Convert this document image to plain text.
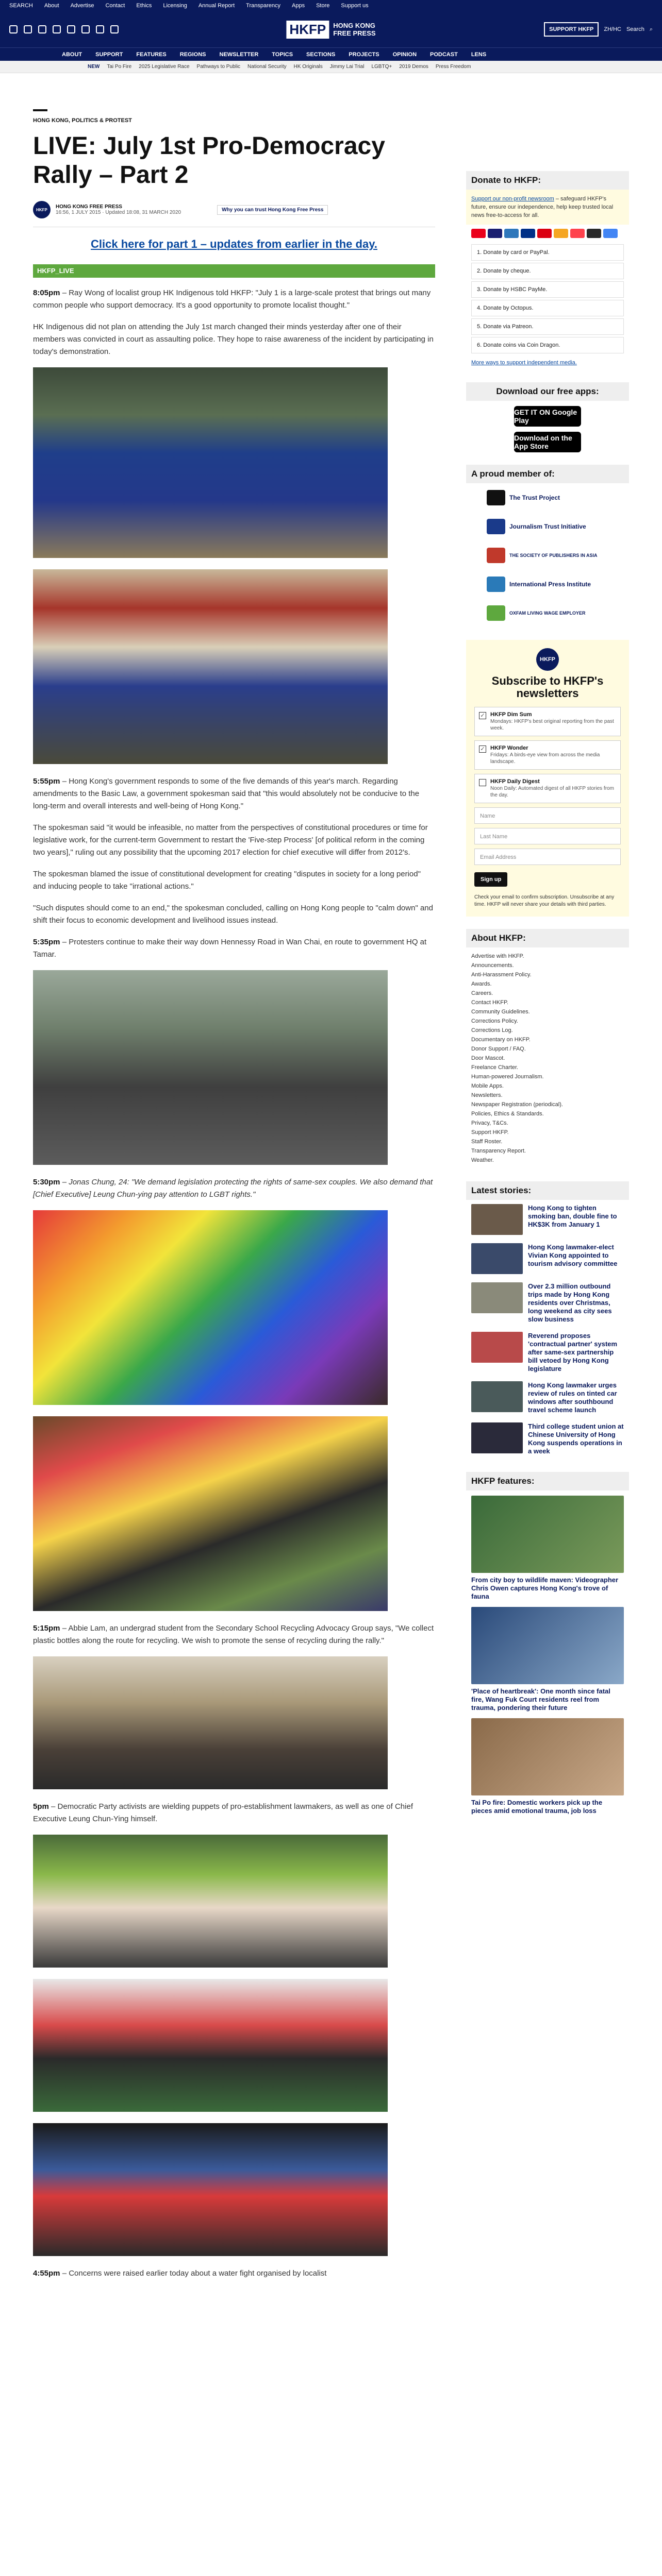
SEARCH About Advertise Contact Ethics Licensing Annual Report Transparency Apps Store Support us
HKFP	HONG KONG
FREE PRESS	SUPPORT HKFP	ZH/HC Search ⌕
ABOUT SUPPORT FEATURES REGIONS NEWSLETTER TOPICS SECTIONS PROJECTS OPINION PODCAST LENS
NEW Tai Po Fire 2025 Legislative Race Pathways to Public National Security HK Originals Jimmy Lai Trial LGBTQ+ 2019 Demos Press Freedom
HONG KONG, POLITICS & PROTEST
LIVE: July 1st Pro-Democracy Rally – Part 2
HKFP	HONG KONG FREE PRESS
16:56, 1 JULY 2015 · Updated 18:08, 31 MARCH 2020	Why you can trust Hong Kong Free Press
Click here for part 1 – updates from earlier in the day.
HKFP_LIVE

8:05pm – Ray Wong of localist group HK Indigenous told HKFP: "July 1 is a large-scale protest that brings out many common people who support democracy. It's a good opportunity to promote localist thought."

HK Indigenous did not plan on attending the July 1st march changed their minds yesterday after one of their members was convicted in court as assaulting police. They hope to raise awareness of the incident by participating in today's demonstration.

5:55pm – Hong Kong's government responds to some of the five demands of this year's march. Regarding amendments to the Basic Law, a government spokesman said that "this would absolutely not be conducive to the long-term and overall interests and well-being of Hong Kong."

The spokesman said "it would be infeasible, no matter from the perspectives of constitutional procedures or time for legislative work, for the current-term Government to restart the 'Five-step Process' [of political reform in the coming two years]," ruling out any possibility that the upcoming 2017 election for chief executive will differ from 2012's.

The spokesman blamed the issue of constitutional development for creating "disputes in society for a long period" and inducing people to take "irrational actions."

"Such disputes should come to an end," the spokesman concluded, calling on Hong Kong people to "calm down" and shift their focus to economic development and livelihood issues instead.

5:35pm – Protesters continue to make their way down Hennessy Road in Wan Chai, en route to government HQ at Tamar.

5:30pm – Jonas Chung, 24: "We demand legislation protecting the rights of same-sex couples. We also demand that [Chief Executive] Leung Chun-ying pay attention to LGBT rights."

5:15pm – Abbie Lam, an undergrad student from the Secondary School Recycling Advocacy Group says, "We collect plastic bottles along the route for recycling. We wish to promote the sense of recycling during the rally."

5pm – Democratic Party activists are wielding puppets of pro-establishment lawmakers, as well as one of Chief Executive Leung Chun-Ying himself.

4:55pm – Concerns were raised earlier today about a water fight organised by localist

Donate to HKFP:
Support our non-profit newsroom – safeguard HKFP's future, ensure our independence, help keep trusted local news free-to-access for all.
1. Donate by card or PayPal.
2. Donate by cheque.
3. Donate by HSBC PayMe.
4. Donate by Octopus.
5. Donate via Patreon.
6. Donate coins via Coin Dragon.
More ways to support independent media.
Download our free apps:
GET IT ON Google Play
Download on the App Store
A proud member of:
The Trust Project
Journalism Trust Initiative
THE SOCIETY OF PUBLISHERS IN ASIA
International Press Institute
OXFAM LIVING WAGE EMPLOYER
HKFP
Subscribe to HKFP's newsletters
✓ HKFP Dim Sum
Mondays: HKFP's best original reporting from the past week.
✓ HKFP Wonder
Fridays: A birds-eye view from across the media landscape.
HKFP Daily Digest
Noon Daily: Automated digest of all HKFP stories from the day.
Name
Last Name
Email Address
Sign up
Check your email to confirm subscription. Unsubscribe at any time. HKFP will never share your details with third parties.
About HKFP:
Advertise with HKFP.
Announcements.
Anti-Harassment Policy.
Awards.
Careers.
Contact HKFP.
Community Guidelines.
Corrections Policy.
Corrections Log.
Documentary on HKFP.
Donor Support / FAQ.
Door Mascot.
Freelance Charter.
Human-powered Journalism.
Mobile Apps.
Newsletters.
Newspaper Registration (periodical).
Policies, Ethics & Standards.
Privacy, T&Cs.
Support HKFP.
Staff Roster.
Transparency Report.
Weather.
Latest stories:
Hong Kong to tighten smoking ban, double fine to HK$3K from January 1
Hong Kong lawmaker-elect Vivian Kong appointed to tourism advisory committee
Over 2.3 million outbound trips made by Hong Kong residents over Christmas, long weekend as city sees slow business
Reverend proposes 'contractual partner' system after same-sex partnership bill vetoed by Hong Kong legislature
Hong Kong lawmaker urges review of rules on tinted car windows after southbound travel scheme launch
Third college student union at Chinese University of Hong Kong suspends operations in a week
HKFP features:
From city boy to wildlife maven: Videographer Chris Owen captures Hong Kong's trove of fauna
'Place of heartbreak': One month since fatal fire, Wang Fuk Court residents reel from trauma, pondering their future
Tai Po fire: Domestic workers pick up the pieces amid emotional trauma, job loss
